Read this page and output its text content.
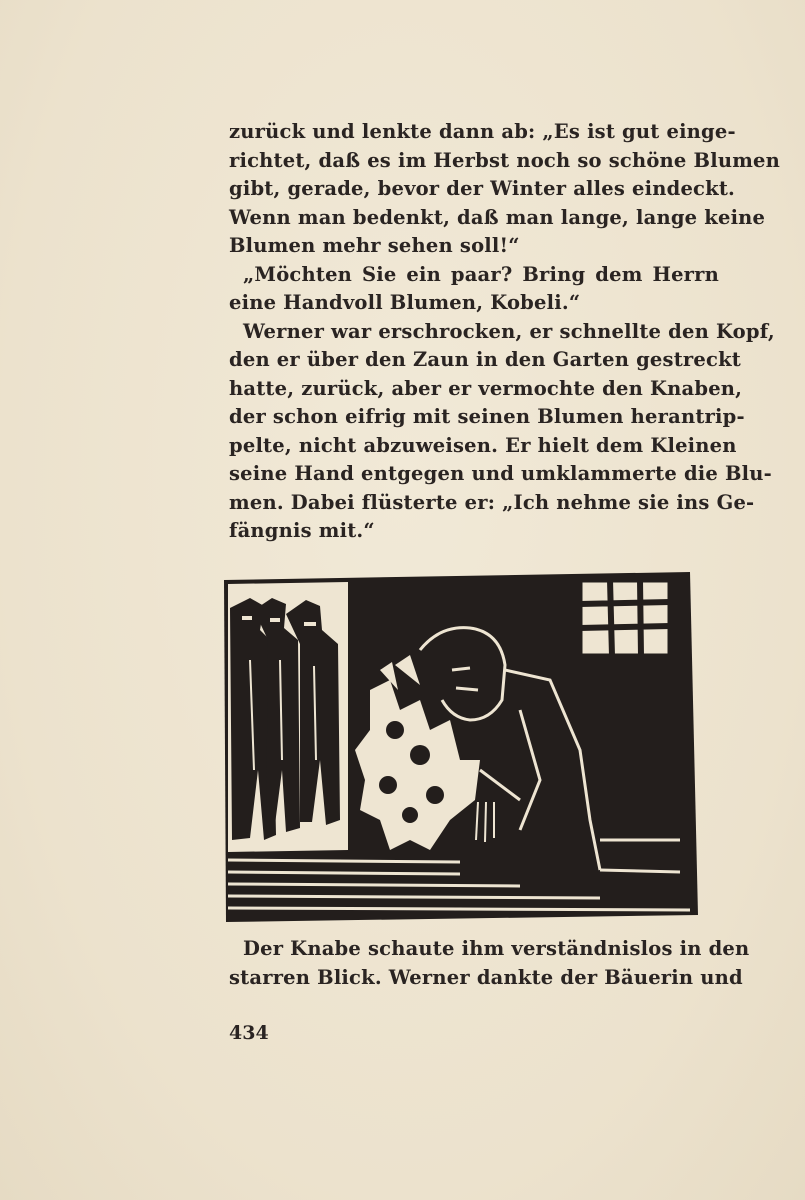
zurück und lenkte dann ab: „Es ist gut einge-
richtet, daß es im Herbst noch so schöne Blumen
gibt, gerade, bevor der Winter alles eindeckt.
Wenn man bedenkt, daß man lange, lange keine
Blumen mehr sehen soll!“
„Möchten Sie ein paar? Bring dem Herrn
eine Handvoll Blumen, Kobeli.“
Werner war erschrocken, er schnellte den Kopf,
den er über den Zaun in den Garten gestreckt
hatte, zurück, aber er vermochte den Knaben,
der schon eifrig mit seinen Blumen herantrip-
pelte, nicht abzuweisen. Er hielt dem Kleinen
seine Hand entgegen und umklammerte die Blu-
men. Dabei flüsterte er: „Ich nehme sie ins Ge-
fängnis mit.“
Der Knabe schaute ihm verständnislos in den
starren Blick. Werner dankte der Bäuerin und
434
